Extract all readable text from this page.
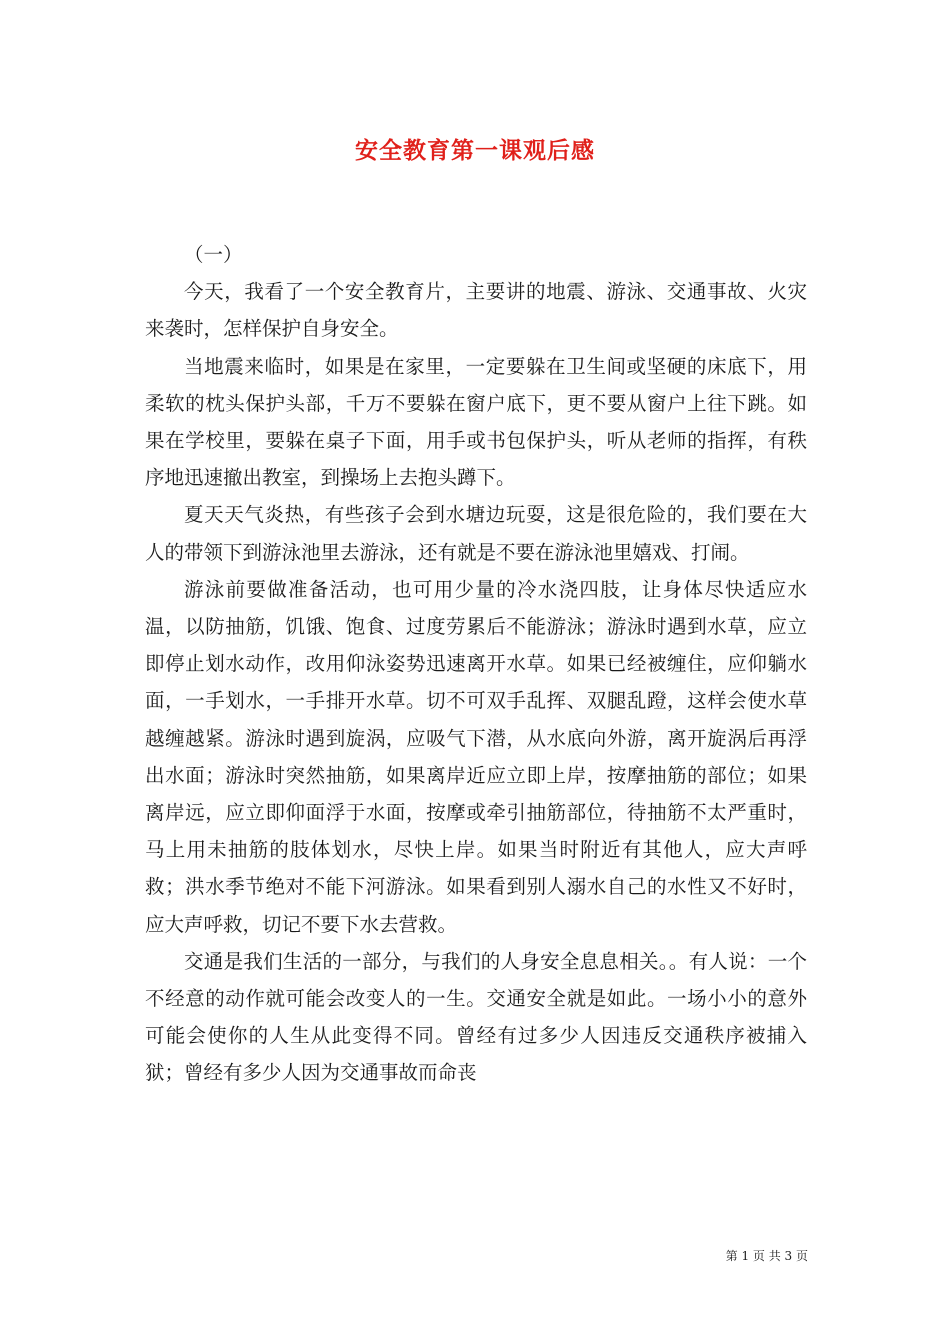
安全教育第一课观后感

（一）

今天，我看了一个安全教育片，主要讲的地震、游泳、交通事故、火灾来袭时，怎样保护自身安全。

当地震来临时，如果是在家里，一定要躲在卫生间或坚硬的床底下，用柔软的枕头保护头部，千万不要躲在窗户底下，更不要从窗户上往下跳。如果在学校里，要躲在桌子下面，用手或书包保护头，听从老师的指挥，有秩序地迅速撤出教室，到操场上去抱头蹲下。

夏天天气炎热，有些孩子会到水塘边玩耍，这是很危险的，我们要在大人的带领下到游泳池里去游泳，还有就是不要在游泳池里嬉戏、打闹。

游泳前要做准备活动，也可用少量的冷水浇四肢，让身体尽快适应水温，以防抽筋，饥饿、饱食、过度劳累后不能游泳；游泳时遇到水草，应立即停止划水动作，改用仰泳姿势迅速离开水草。如果已经被缠住，应仰躺水面，一手划水，一手排开水草。切不可双手乱挥、双腿乱蹬，这样会使水草越缠越紧。游泳时遇到旋涡，应吸气下潜，从水底向外游，离开旋涡后再浮出水面；游泳时突然抽筋，如果离岸近应立即上岸，按摩抽筋的部位；如果离岸远，应立即仰面浮于水面，按摩或牵引抽筋部位，待抽筋不太严重时，马上用未抽筋的肢体划水，尽快上岸。如果当时附近有其他人，应大声呼救；洪水季节绝对不能下河游泳。如果看到别人溺水自己的水性又不好时，应大声呼救，切记不要下水去营救。

交通是我们生活的一部分，与我们的人身安全息息相关。。有人说：一个不经意的动作就可能会改变人的一生。交通安全就是如此。一场小小的意外可能会使你的人生从此变得不同。曾经有过多少人因违反交通秩序被捕入狱；曾经有多少人因为交通事故而命丧

第 1 页 共 3 页
